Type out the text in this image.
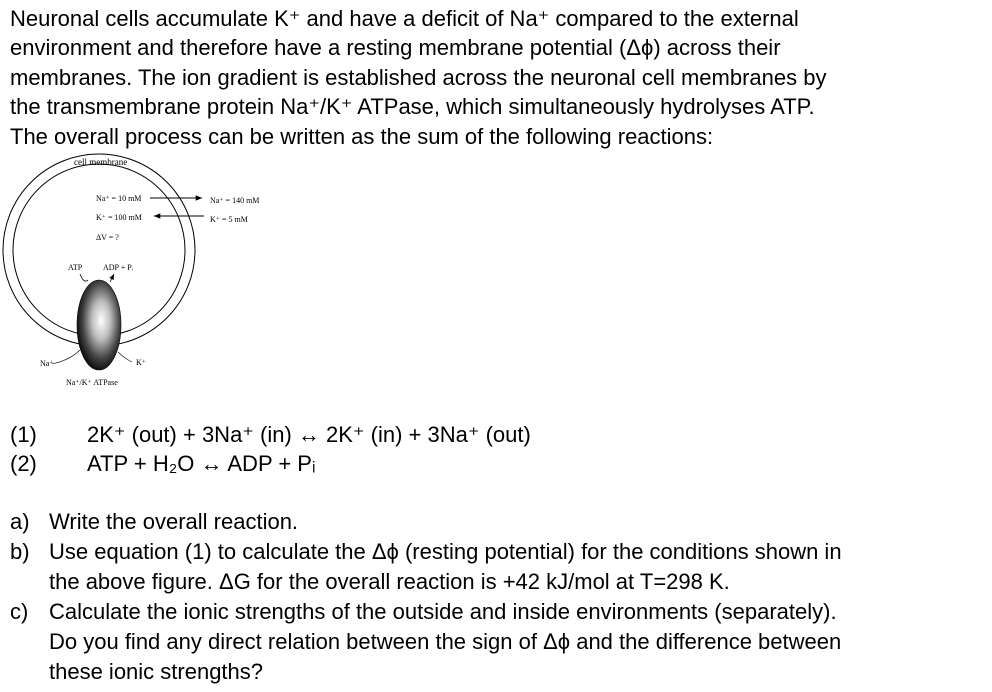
Neuronal cells accumulate K⁺ and have a deficit of Na⁺ compared to the external
environment and therefore have a resting membrane potential (Δϕ) across their
membranes. The ion gradient is established across the neuronal cell membranes by
the transmembrane protein Na⁺/K⁺ ATPase, which simultaneously hydrolyses ATP.
The overall process can be written as the sum of the following reactions:
cell membrane
Na⁺ = 10 mM
K⁺ = 100 mM
ΔV = ?
Na⁺ = 140 mM
K⁺ = 5 mM
ATP	ADP + Pᵢ
Na⁺	K⁺
Na⁺/K⁺ ATPase
(1) 2K⁺ (out) + 3Na⁺ (in) ↔ 2K⁺ (in) + 3Na⁺ (out)
(2) ATP + H₂O ↔ ADP + Pᵢ
a) Write the overall reaction.
b) Use equation (1) to calculate the Δϕ (resting potential) for the conditions shown in
the above figure. ΔG for the overall reaction is +42 kJ/mol at T=298 K.
c) Calculate the ionic strengths of the outside and inside environments (separately).
Do you find any direct relation between the sign of Δϕ and the difference between
these ionic strengths?
